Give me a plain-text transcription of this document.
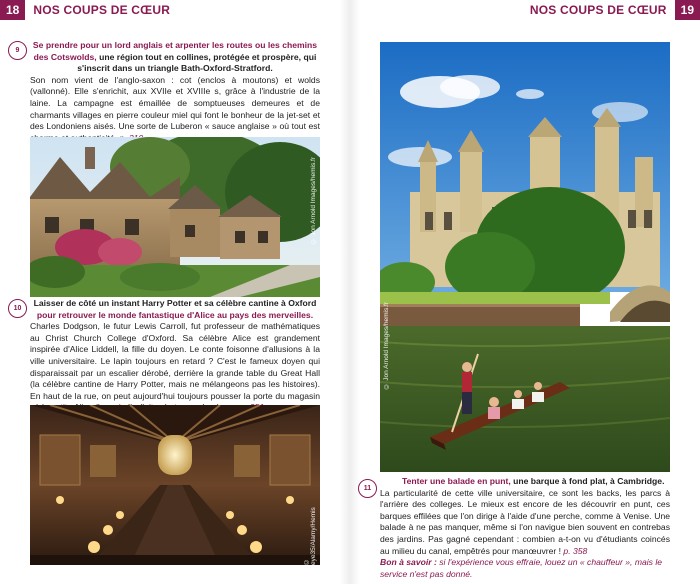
18	NOS COUPS DE CŒUR
9
Se prendre pour un lord anglais et arpenter les routes ou les chemins des Cotswolds, une région tout en collines, protégée et prospère, qui s'inscrit dans un triangle Bath-Oxford-Stratford.
Son nom vient de l'anglo-saxon : cot (enclos à moutons) et wolds (vallonné). Elle s'enrichit, aux XVIIe et XVIIIe s, grâce à l'industrie de la laine. La campagne est émaillée de somptueuses demeures et de charmants villages en pierre couleur miel qui font le bonheur de la jet-set et des Londoniens aisés. Une sorte de Luberon « sauce anglaise » où tout est
© Jon Arnold Images/hemis.fr
10
Laisser de côté un instant Harry Potter et sa célèbre cantine à Oxford pour retrouver le monde fantastique d'Alice au pays des merveilles.
Charles Dodgson, le futur Lewis Carroll, fut professeur de mathématiques au Christ Church College d'Oxford. Sa célèbre Alice est grandement inspirée d'Alice Liddell, la fille du doyen. Le conte foisonne d'allusions à la ville universitaire. Le lapin toujours en retard ? C'est le fameux doyen qui disparaissait par un escalier dérobé, derrière la grande table du Great Hall (la célèbre cantine de Harry Potter, mais ne mélangeons pas les histoires). En haut de la rue, on peut aujourd'hui toujours pousser la porte du magasin
© eye35/Alamy/Hemis
NOS COUPS DE CŒUR	19
© Jon Arnold Images/hemis.fr
11
Tenter une balade en punt, une barque à fond plat, à Cambridge.
La particularité de cette ville universitaire, ce sont les backs, les parcs à l'arrière des colleges. Le mieux est encore de les découvrir en punt, ces barques effilées que l'on dirige à l'aide d'une perche, comme à Venise. Une balade à ne pas manquer, même si l'on navigue bien souvent en contrebas des jardins. Pas gagné cependant : combien a-t-on vu d'étudiants coincés au milieu du canal, empêtrés pour manœuvrer ! p. 358
Bon à savoir : si l'expérience vous effraie, louez un « chauffeur », mais le service n'est pas donné.
